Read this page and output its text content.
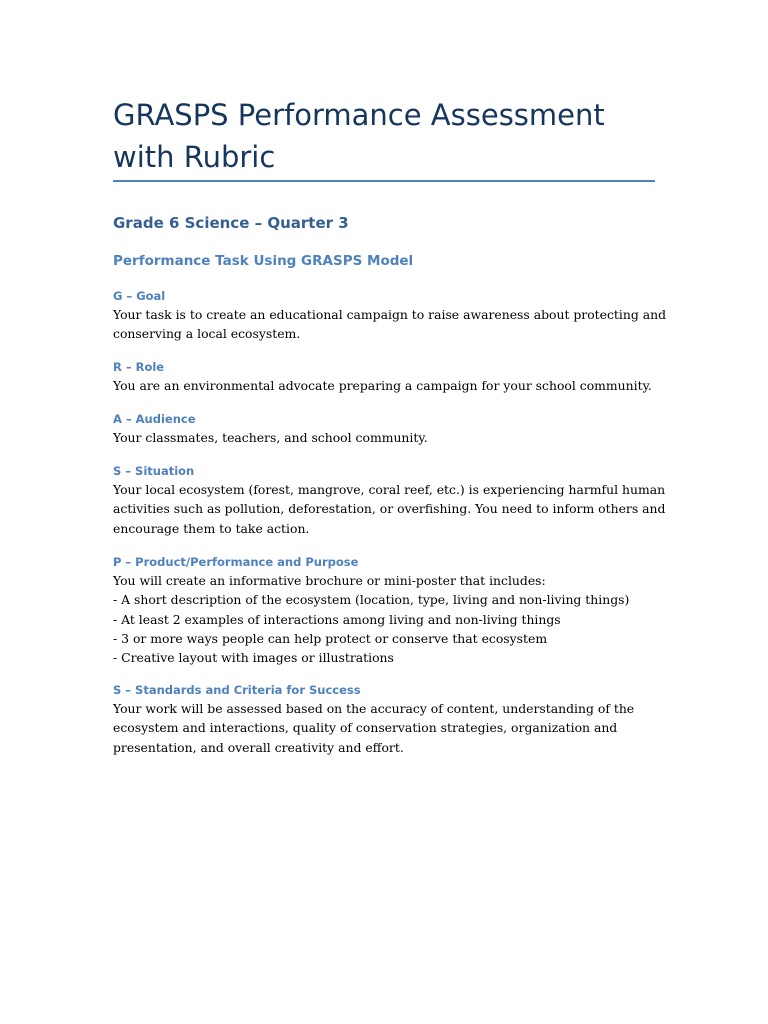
GRASPS Performance Assessment with Rubric
Grade 6 Science – Quarter 3
Performance Task Using GRASPS Model
G – Goal

Your task is to create an educational campaign to raise awareness about protecting and
conserving a local ecosystem.

R – Role

You are an environmental advocate preparing a campaign for your school community.

A – Audience

Your classmates, teachers, and school community.

S – Situation

Your local ecosystem (forest, mangrove, coral reef, etc.) is experiencing harmful human
activities such as pollution, deforestation, or overfishing. You need to inform others and
encourage them to take action.

P – Product/Performance and Purpose

You will create an informative brochure or mini-poster that includes:
- A short description of the ecosystem (location, type, living and non-living things)
- At least 2 examples of interactions among living and non-living things
- 3 or more ways people can help protect or conserve that ecosystem
- Creative layout with images or illustrations

S – Standards and Criteria for Success

Your work will be assessed based on the accuracy of content, understanding of the
ecosystem and interactions, quality of conservation strategies, organization and
presentation, and overall creativity and effort.
